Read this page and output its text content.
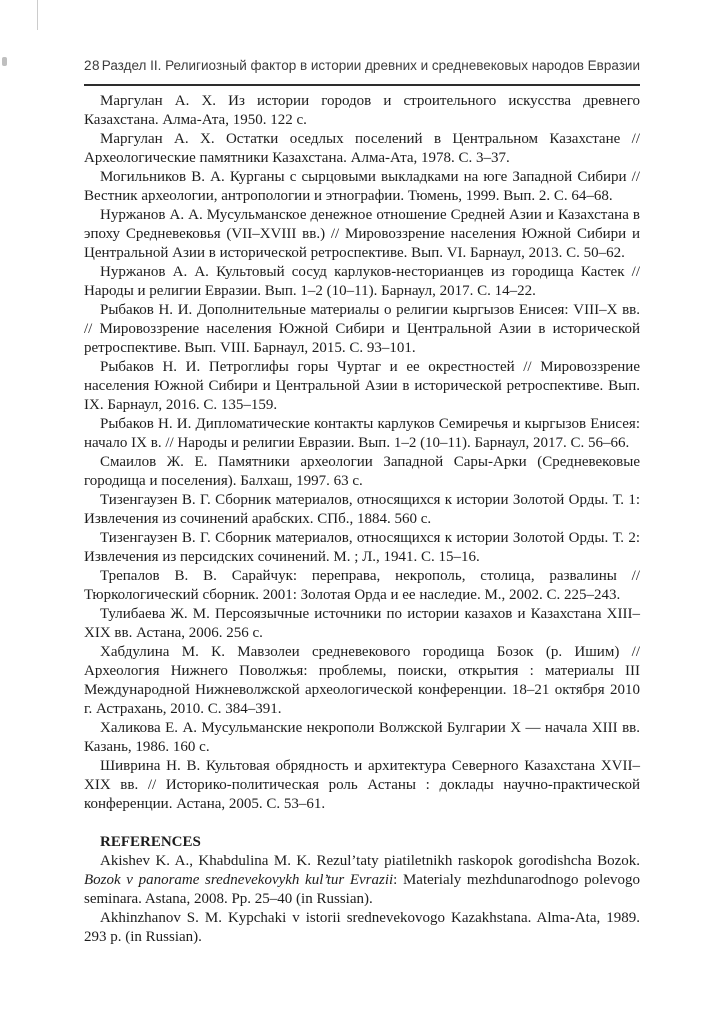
28 Раздел II. Религиозный фактор в истории древних и средневековых народов Евразии

Маргулан А. Х. Из истории городов и строительного искусства древнего Казахстана. Алма-Ата, 1950. 122 с.

Маргулан А. Х. Остатки оседлых поселений в Центральном Казахстане // Археологические памятники Казахстана. Алма-Ата, 1978. С. 3–37.

Могильников В. А. Курганы с сырцовыми выкладками на юге Западной Сибири // Вестник археологии, антропологии и этнографии. Тюмень, 1999. Вып. 2. С. 64–68.

Нуржанов А. А. Мусульманское денежное отношение Средней Азии и Казахстана в эпоху Средневековья (VII–XVIII вв.) // Мировоззрение населения Южной Сибири и Центральной Азии в исторической ретроспективе. Вып. VI. Барнаул, 2013. С. 50–62.

Нуржанов А. А. Культовый сосуд карлуков-несторианцев из городища Кастек // Народы и религии Евразии. Вып. 1–2 (10–11). Барнаул, 2017. С. 14–22.

Рыбаков Н. И. Дополнительные материалы о религии кыргызов Енисея: VIII–X вв. // Мировоззрение населения Южной Сибири и Центральной Азии в исторической ретроспективе. Вып. VIII. Барнаул, 2015. С. 93–101.

Рыбаков Н. И. Петроглифы горы Чуртаг и ее окрестностей // Мировоззрение населения Южной Сибири и Центральной Азии в исторической ретроспективе. Вып. IX. Барнаул, 2016. С. 135–159.

Рыбаков Н. И. Дипломатические контакты карлуков Семиречья и кыргызов Енисея: начало IX в. // Народы и религии Евразии. Вып. 1–2 (10–11). Барнаул, 2017. С. 56–66.

Смаилов Ж. Е. Памятники археологии Западной Сары-Арки (Средневековые городища и поселения). Балхаш, 1997. 63 с.

Тизенгаузен В. Г. Сборник материалов, относящихся к истории Золотой Орды. Т. 1: Извлечения из сочинений арабских. СПб., 1884. 560 с.

Тизенгаузен В. Г. Сборник материалов, относящихся к истории Золотой Орды. Т. 2: Извлечения из персидских сочинений. М. ; Л., 1941. С. 15–16.

Трепалов В. В. Сарайчук: переправа, некрополь, столица, развалины // Тюркологический сборник. 2001: Золотая Орда и ее наследие. М., 2002. С. 225–243.

Тулибаева Ж. М. Персоязычные источники по истории казахов и Казахстана XIII–XIX вв. Астана, 2006. 256 с.

Хабдулина М. К. Мавзолеи средневекового городища Бозок (р. Ишим) // Археология Нижнего Поволжья: проблемы, поиски, открытия : материалы III Международной Нижневолжской археологической конференции. 18–21 октября 2010 г. Астрахань, 2010. С. 384–391.

Халикова Е. А. Мусульманские некрополи Волжской Булгарии X — начала XIII вв. Казань, 1986. 160 с.

Шиврина Н. В. Культовая обрядность и архитектура Северного Казахстана XVII–XIX вв. // Историко-политическая роль Астаны : доклады научно-практической конференции. Астана, 2005. С. 53–61.

REFERENCES

Akishev K. A., Khabdulina M. K. Rezul’taty piatiletnikh raskopok gorodishcha Bozok. Bozok v panorame srednevekovykh kul’tur Evrazii: Materialy mezhdunarodnogo polevogo seminara. Astana, 2008. Pp. 25–40 (in Russian).

Akhinzhanov S. M. Kypchaki v istorii srednevekovogo Kazakhstana. Alma-Ata, 1989. 293 p. (in Russian).
